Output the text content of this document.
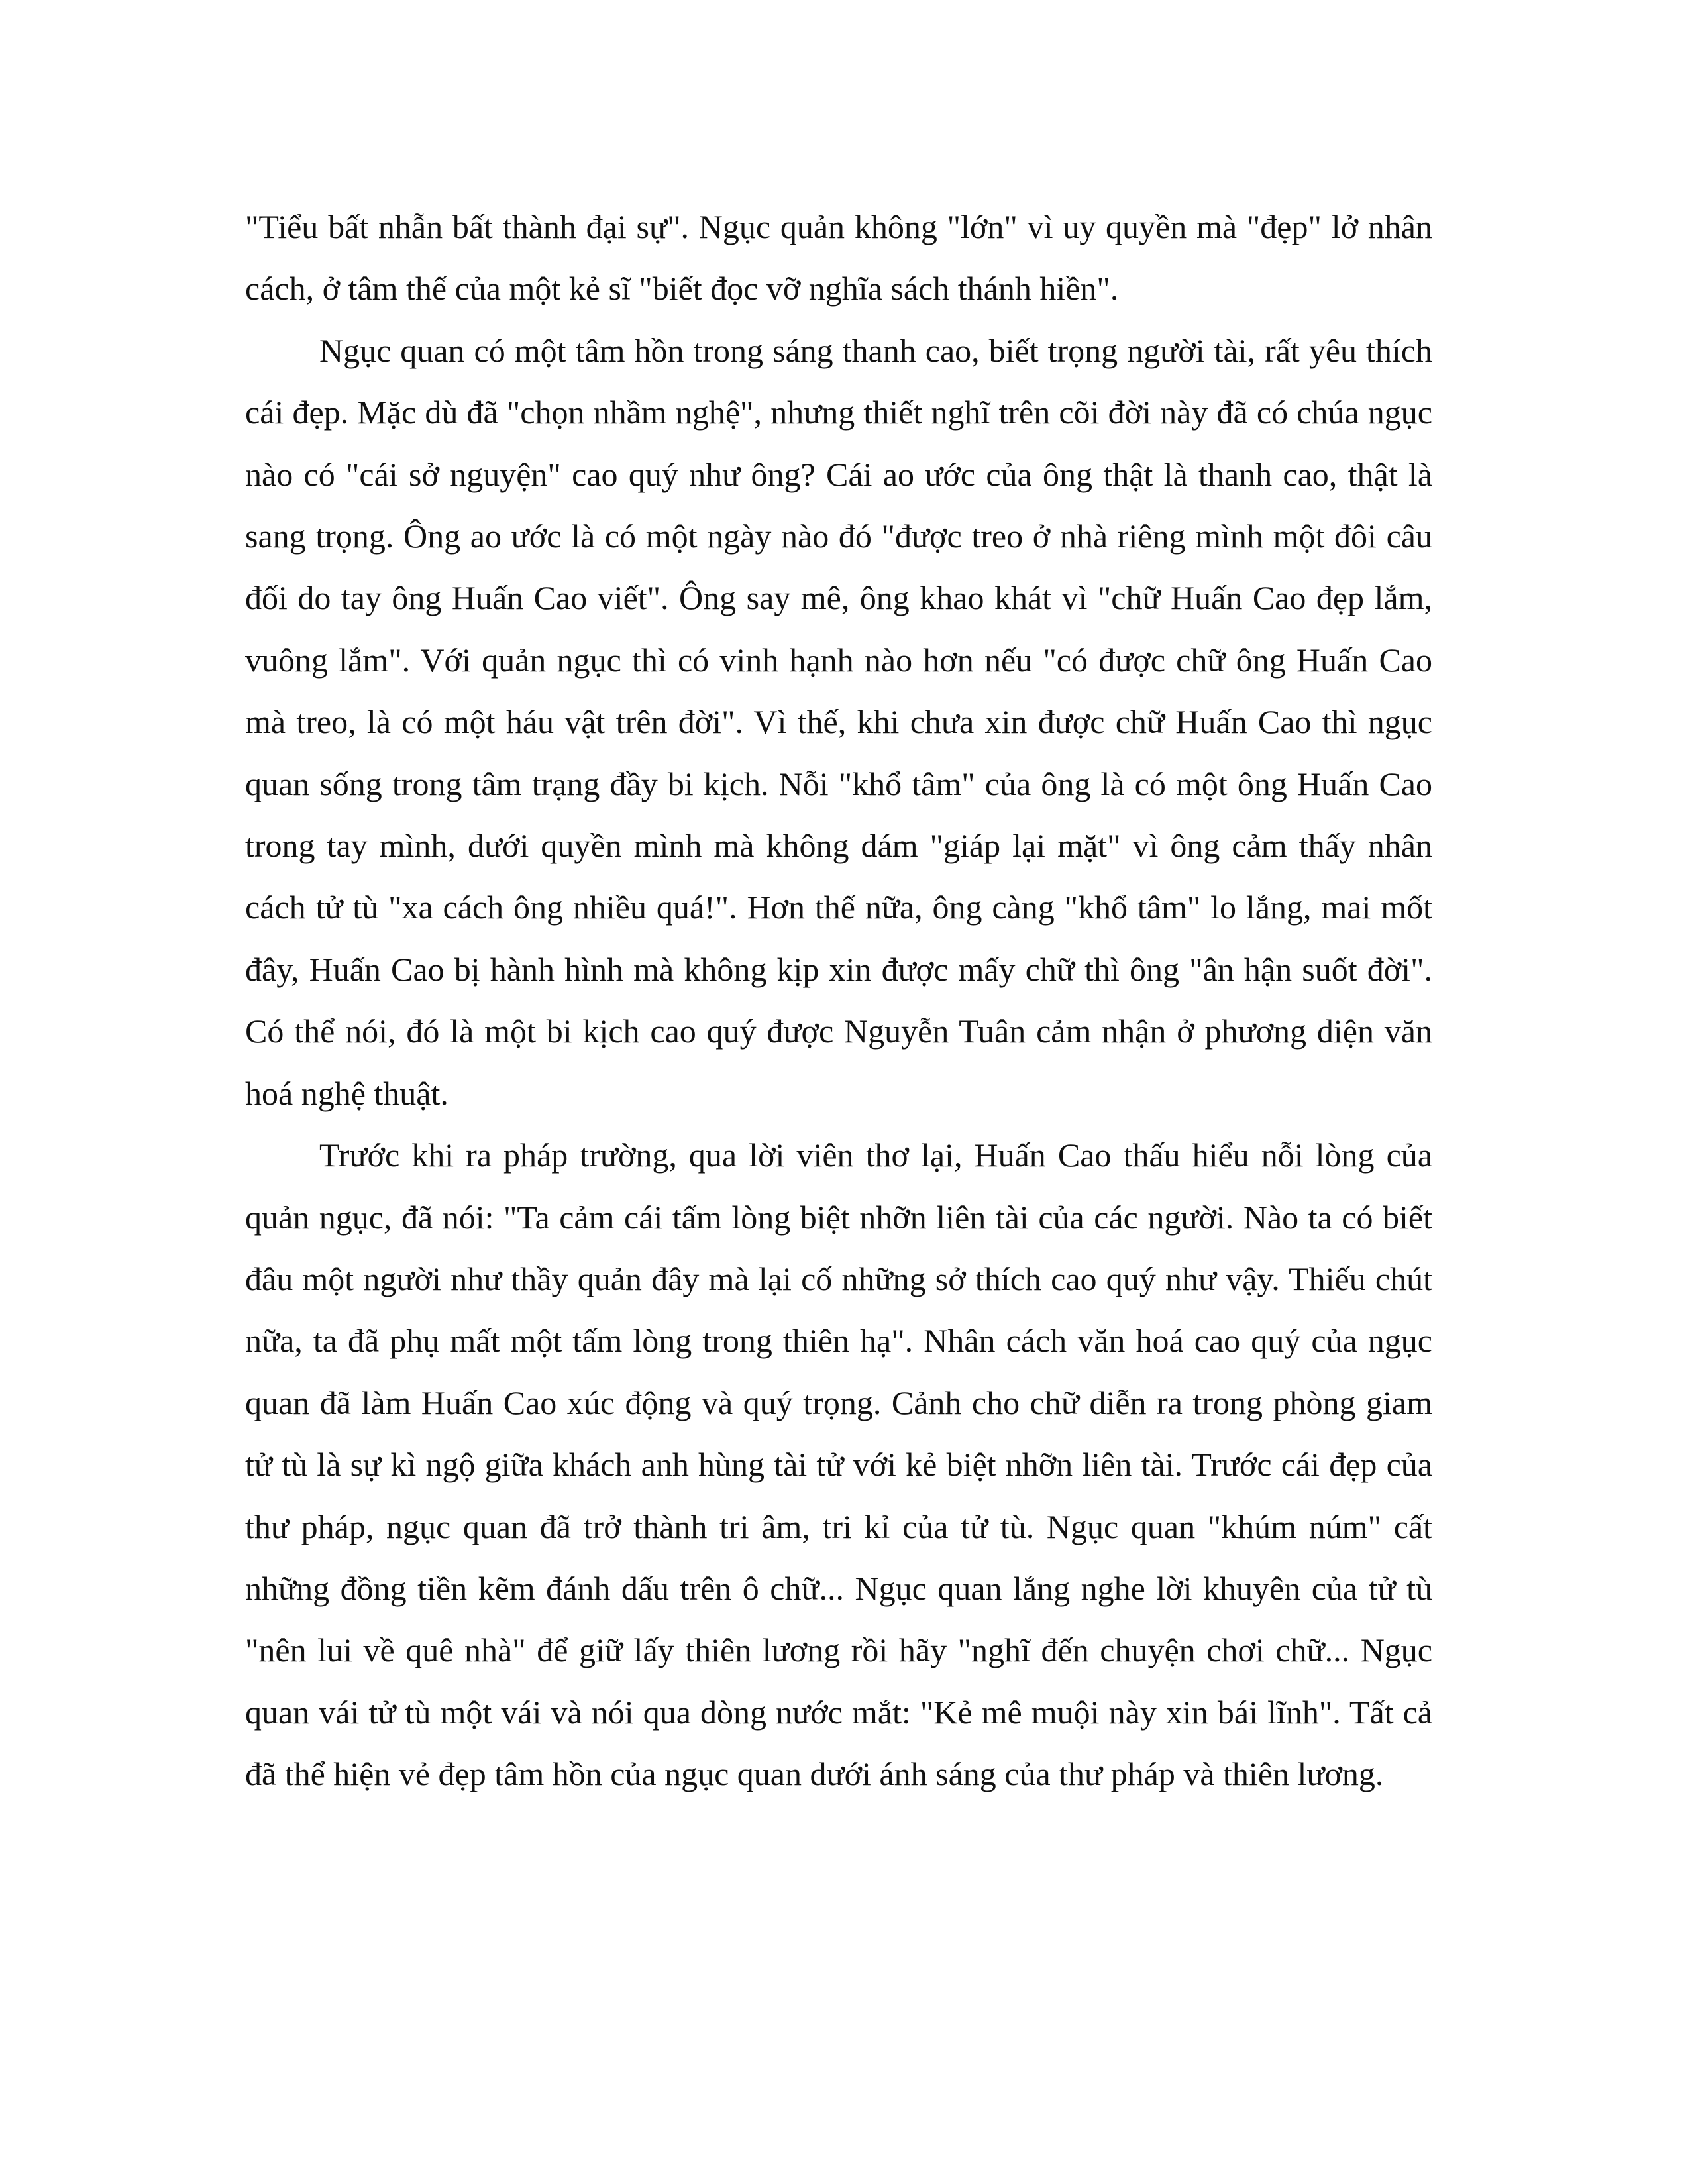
"Tiểu bất nhẫn bất thành đại sự". Ngục quản không "lớn" vì uy quyền mà "đẹp" lở nhân cách, ở tâm thế của một kẻ sĩ "biết đọc vỡ nghĩa sách thánh hiền".

Ngục quan có một tâm hồn trong sáng thanh cao, biết trọng người tài, rất yêu thích cái đẹp. Mặc dù đã "chọn nhầm nghệ", nhưng thiết nghĩ trên cõi đời này đã có chúa ngục nào có "cái sở nguyện" cao quý như ông? Cái ao ước của ông thật là thanh cao, thật là sang trọng. Ông ao ước là có một ngày nào đó "được treo ở nhà riêng mình một đôi câu đối do tay ông Huấn Cao viết". Ông say mê, ông khao khát vì "chữ Huấn Cao đẹp lắm, vuông lắm". Với quản ngục thì có vinh hạnh nào hơn nếu "có được chữ ông Huấn Cao mà treo, là có một háu vật trên đời". Vì thế, khi chưa xin được chữ Huấn Cao thì ngục quan sống trong tâm trạng đầy bi kịch. Nỗi "khổ tâm" của ông là có một ông Huấn Cao trong tay mình, dưới quyền mình mà không dám "giáp lại mặt" vì ông cảm thấy nhân cách tử tù "xa cách ông nhiều quá!". Hơn thế nữa, ông càng "khổ tâm" lo lắng, mai mốt đây, Huấn Cao bị hành hình mà không kịp xin được mấy chữ thì ông "ân hận suốt đời". Có thể nói, đó là một bi kịch cao quý được Nguyễn Tuân cảm nhận ở phương diện văn hoá nghệ thuật.

Trước khi ra pháp trường, qua lời viên thơ lại, Huấn Cao thấu hiểu nỗi lòng của quản ngục, đã nói: "Ta cảm cái tấm lòng biệt nhỡn liên tài của các người. Nào ta có biết đâu một người như thầy quản đây mà lại cố những sở thích cao quý như vậy. Thiếu chút nữa, ta đã phụ mất một tấm lòng trong thiên hạ". Nhân cách văn hoá cao quý của ngục quan đã làm Huấn Cao xúc động và quý trọng. Cảnh cho chữ diễn ra trong phòng giam tử tù là sự kì ngộ giữa khách anh hùng tài tử với kẻ biệt nhỡn liên tài. Trước cái đẹp của thư pháp, ngục quan đã trở thành tri âm, tri kỉ của tử tù. Ngục quan "khúm núm" cất những đồng tiền kẽm đánh dấu trên ô chữ... Ngục quan lắng nghe lời khuyên của tử tù "nên lui về quê nhà" để giữ lấy thiên lương rồi hãy "nghĩ đến chuyện chơi chữ... Ngục quan vái tử tù một vái và nói qua dòng nước mắt: "Kẻ mê muội này xin bái lĩnh". Tất cả đã thể hiện vẻ đẹp tâm hồn của ngục quan dưới ánh sáng của thư pháp và thiên lương.
